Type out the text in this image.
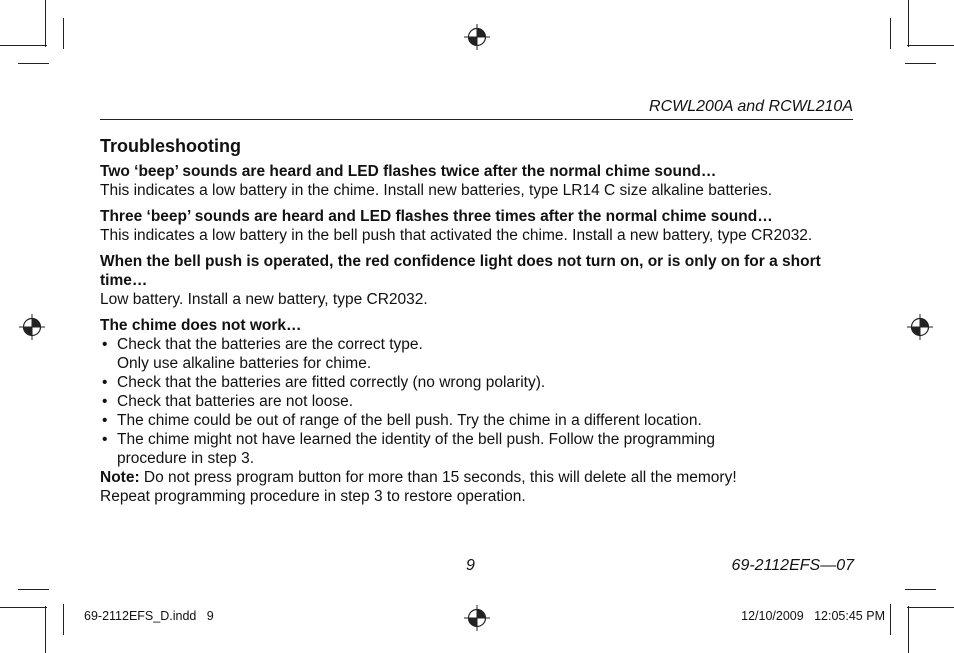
RCWL200A and RCWL210A
Troubleshooting
Two ‘beep’ sounds are heard and LED flashes twice after the normal chime sound…
This indicates a low battery in the chime. Install new batteries, type LR14 C size alkaline batteries.
Three ‘beep’ sounds are heard and LED flashes three times after the normal chime sound…
This indicates a low battery in the bell push that activated the chime. Install a new battery, type CR2032.
When the bell push is operated, the red confidence light does not turn on, or is only on for a short time…
Low battery. Install a new battery, type CR2032.
The chime does not work…
• Check that the batteries are the correct type.
Only use alkaline batteries for chime.
• Check that the batteries are fitted correctly (no wrong polarity).
• Check that batteries are not loose.
• The chime could be out of range of the bell push. Try the chime in a different location.
• The chime might not have learned the identity of the bell push. Follow the programming
procedure in step 3.
Note: Do not press program button for more than 15 seconds, this will delete all the memory!
Repeat programming procedure in step 3 to restore operation.
9	69-2112EFS—07
69-2112EFS_D.indd   9	12/10/2009   12:05:45 PM
